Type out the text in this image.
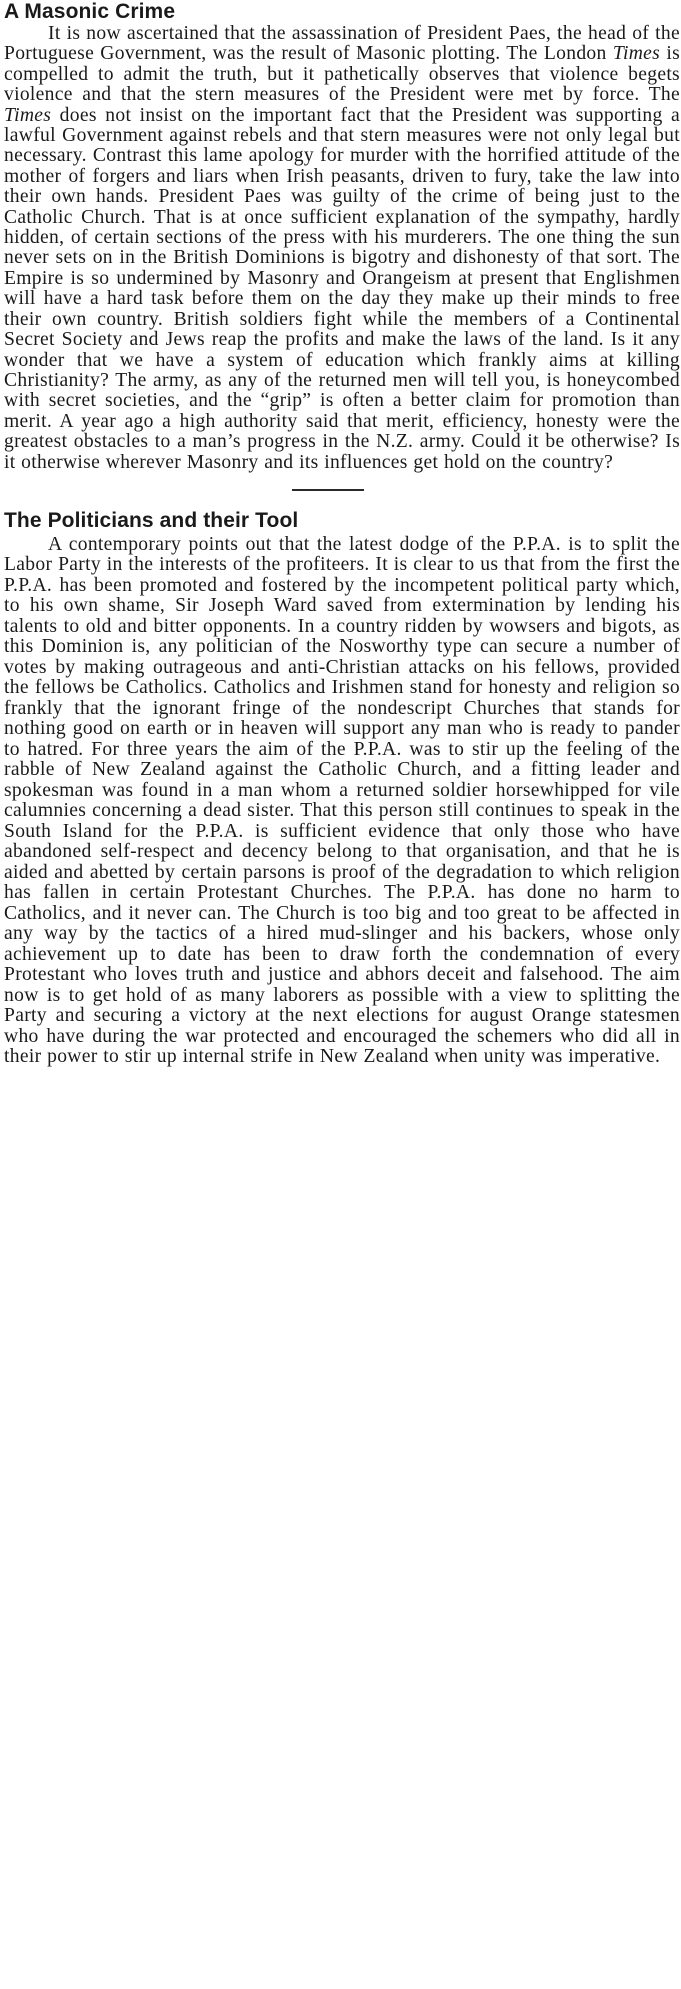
A Masonic Crime

It is now ascertained that the assassination of President Paes, the head of the Portuguese Government, was the result of Masonic plotting. The London Times is compelled to admit the truth, but it pathetically observes that violence begets violence and that the stern measures of the President were met by force. The Times does not insist on the important fact that the President was supporting a lawful Government against rebels and that stern measures were not only legal but necessary. Contrast this lame apology for murder with the horrified attitude of the mother of forgers and liars when Irish peasants, driven to fury, take the law into their own hands. President Paes was guilty of the crime of being just to the Catholic Church. That is at once sufficient explanation of the sympathy, hardly hidden, of certain sections of the press with his murderers. The one thing the sun never sets on in the British Dominions is bigotry and dishonesty of that sort. The Empire is so undermined by Masonry and Orangeism at present that Englishmen will have a hard task before them on the day they make up their minds to free their own country. British soldiers fight while the members of a Continental Secret Society and Jews reap the profits and make the laws of the land. Is it any wonder that we have a system of education which frankly aims at killing Christianity? The army, as any of the returned men will tell you, is honeycombed with secret societies, and the “grip” is often a better claim for promotion than merit. A year ago a high authority said that merit, efficiency, honesty were the greatest obstacles to a man’s progress in the N.Z. army. Could it be otherwise? Is it otherwise wherever Masonry and its influences get hold on the country?

The Politicians and their Tool

A contemporary points out that the latest dodge of the P.P.A. is to split the Labor Party in the interests of the profiteers. It is clear to us that from the first the P.P.A. has been promoted and fostered by the incompetent political party which, to his own shame, Sir Joseph Ward saved from extermination by lending his talents to old and bitter opponents. In a country ridden by wowsers and bigots, as this Dominion is, any politician of the Nosworthy type can secure a number of votes by making outrageous and anti-Christian attacks on his fellows, provided the fellows be Catholics. Catholics and Irishmen stand for honesty and religion so frankly that the ignorant fringe of the nondescript Churches that stands for nothing good on earth or in heaven will support any man who is ready to pander to hatred. For three years the aim of the P.P.A. was to stir up the feeling of the rabble of New Zealand against the Catholic Church, and a fitting leader and spokesman was found in a man whom a returned soldier horsewhipped for vile calumnies concerning a dead sister. That this person still continues to speak in the South Island for the P.P.A. is sufficient evidence that only those who have abandoned self-respect and decency belong to that organisation, and that he is aided and abetted by certain parsons is proof of the degradation to which religion has fallen in certain Protestant Churches. The P.P.A. has done no harm to Catholics, and it never can. The Church is too big and too great to be affected in any way by the tactics of a hired mud-slinger and his backers, whose only achievement up to date has been to draw forth the condemnation of every Protestant who loves truth and justice and abhors deceit and falsehood. The aim now is to get hold of as many laborers as possible with a view to splitting the Party and securing a victory at the next elections for august Orange statesmen who have during the war protected and encouraged the schemers who did all in their power to stir up internal strife in New Zealand when unity was imperative.
